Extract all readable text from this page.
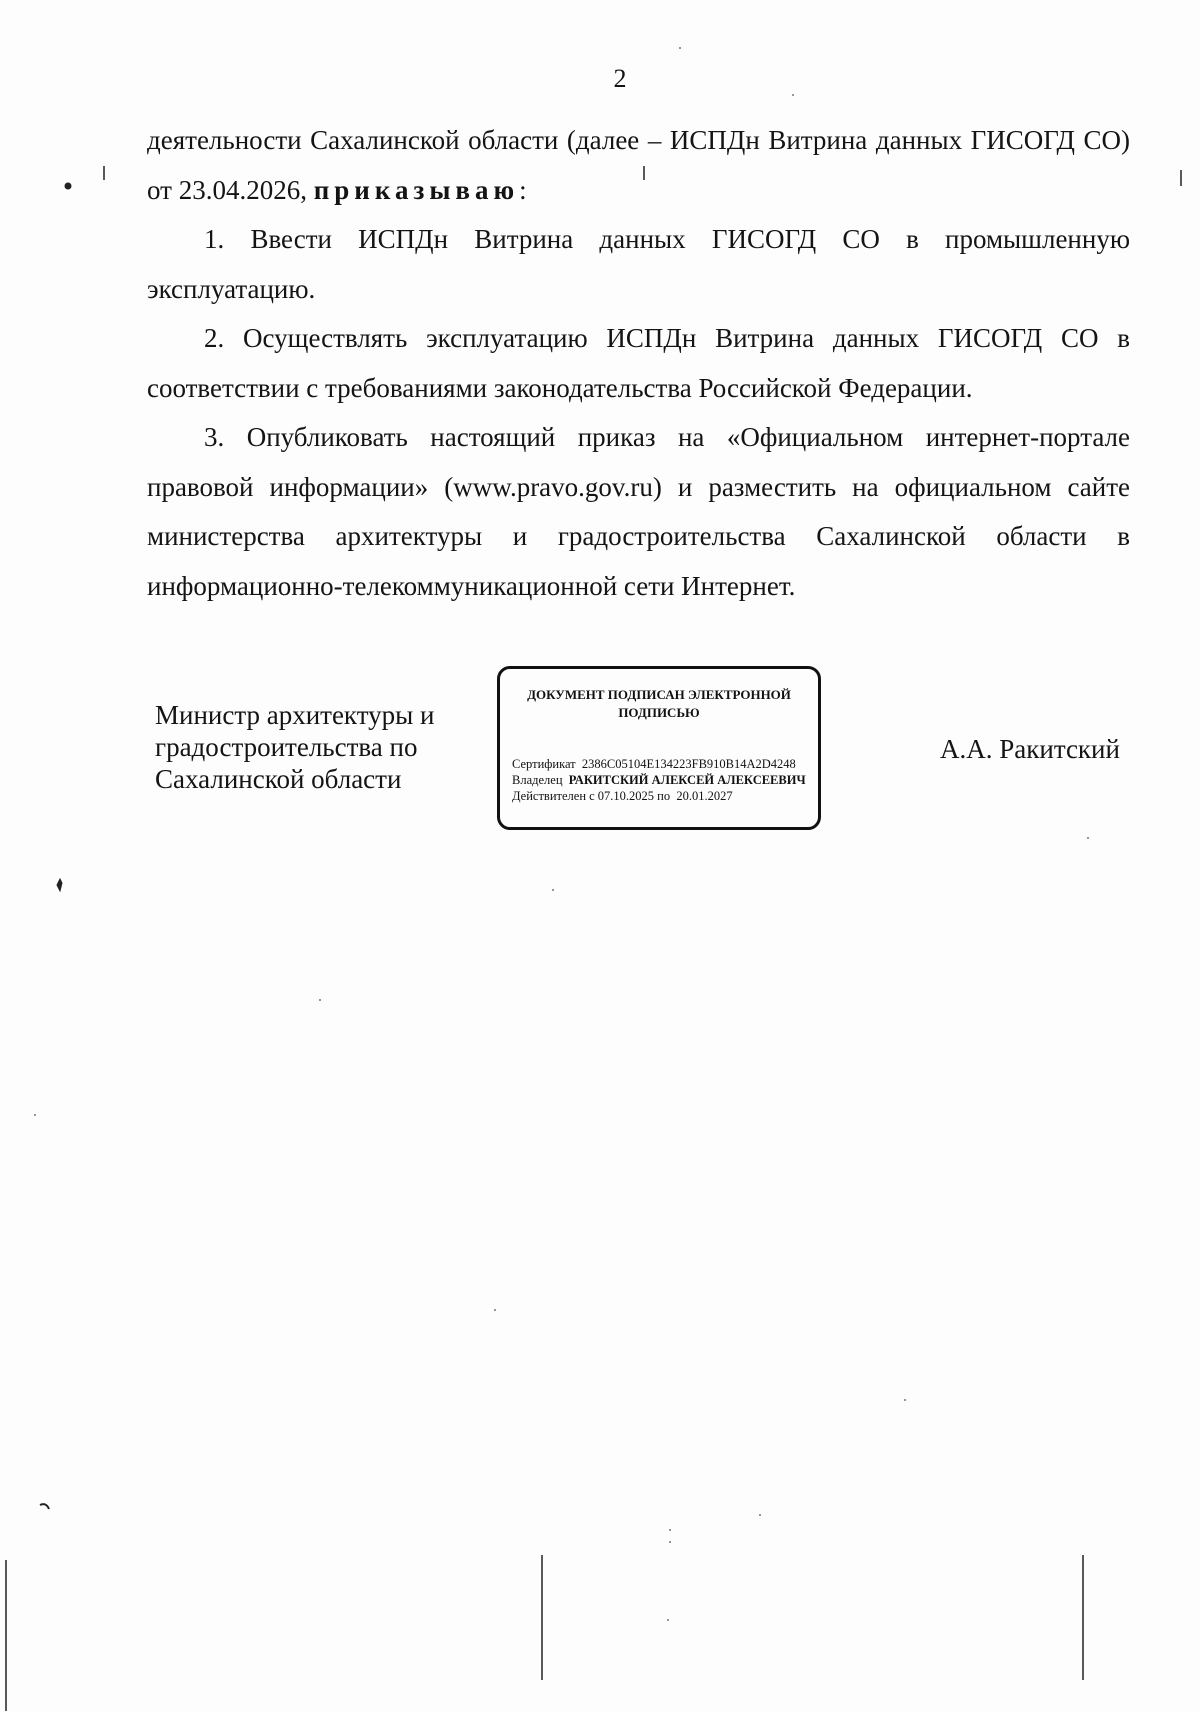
2

деятельности Сахалинской области (далее – ИСПДн Витрина данных ГИСОГД СО) от 23.04.2026, приказываю:

1. Ввести ИСПДн Витрина данных ГИСОГД СО в промышленную эксплуатацию.

2. Осуществлять эксплуатацию ИСПДн Витрина данных ГИСОГД СО в соответствии с требованиями законодательства Российской Федерации.

3. Опубликовать настоящий приказ на «Официальном интернет-портале правовой информации» (www.pravo.gov.ru) и разместить на официальном сайте министерства архитектуры и градостроительства Сахалинской области в информационно-телекоммуникационной сети Интернет.

Министр архитектуры и градостроительства по Сахалинской области
ДОКУМЕНТ ПОДПИСАН ЭЛЕКТРОННОЙ ПОДПИСЬЮ
Сертификат 2386C05104E134223FB910B14A2D4248
Владелец РАКИТСКИЙ АЛЕКСЕЙ АЛЕКСЕЕВИЧ
Действителен с 07.10.2025 по 20.01.2027
А.А. Ракитский
